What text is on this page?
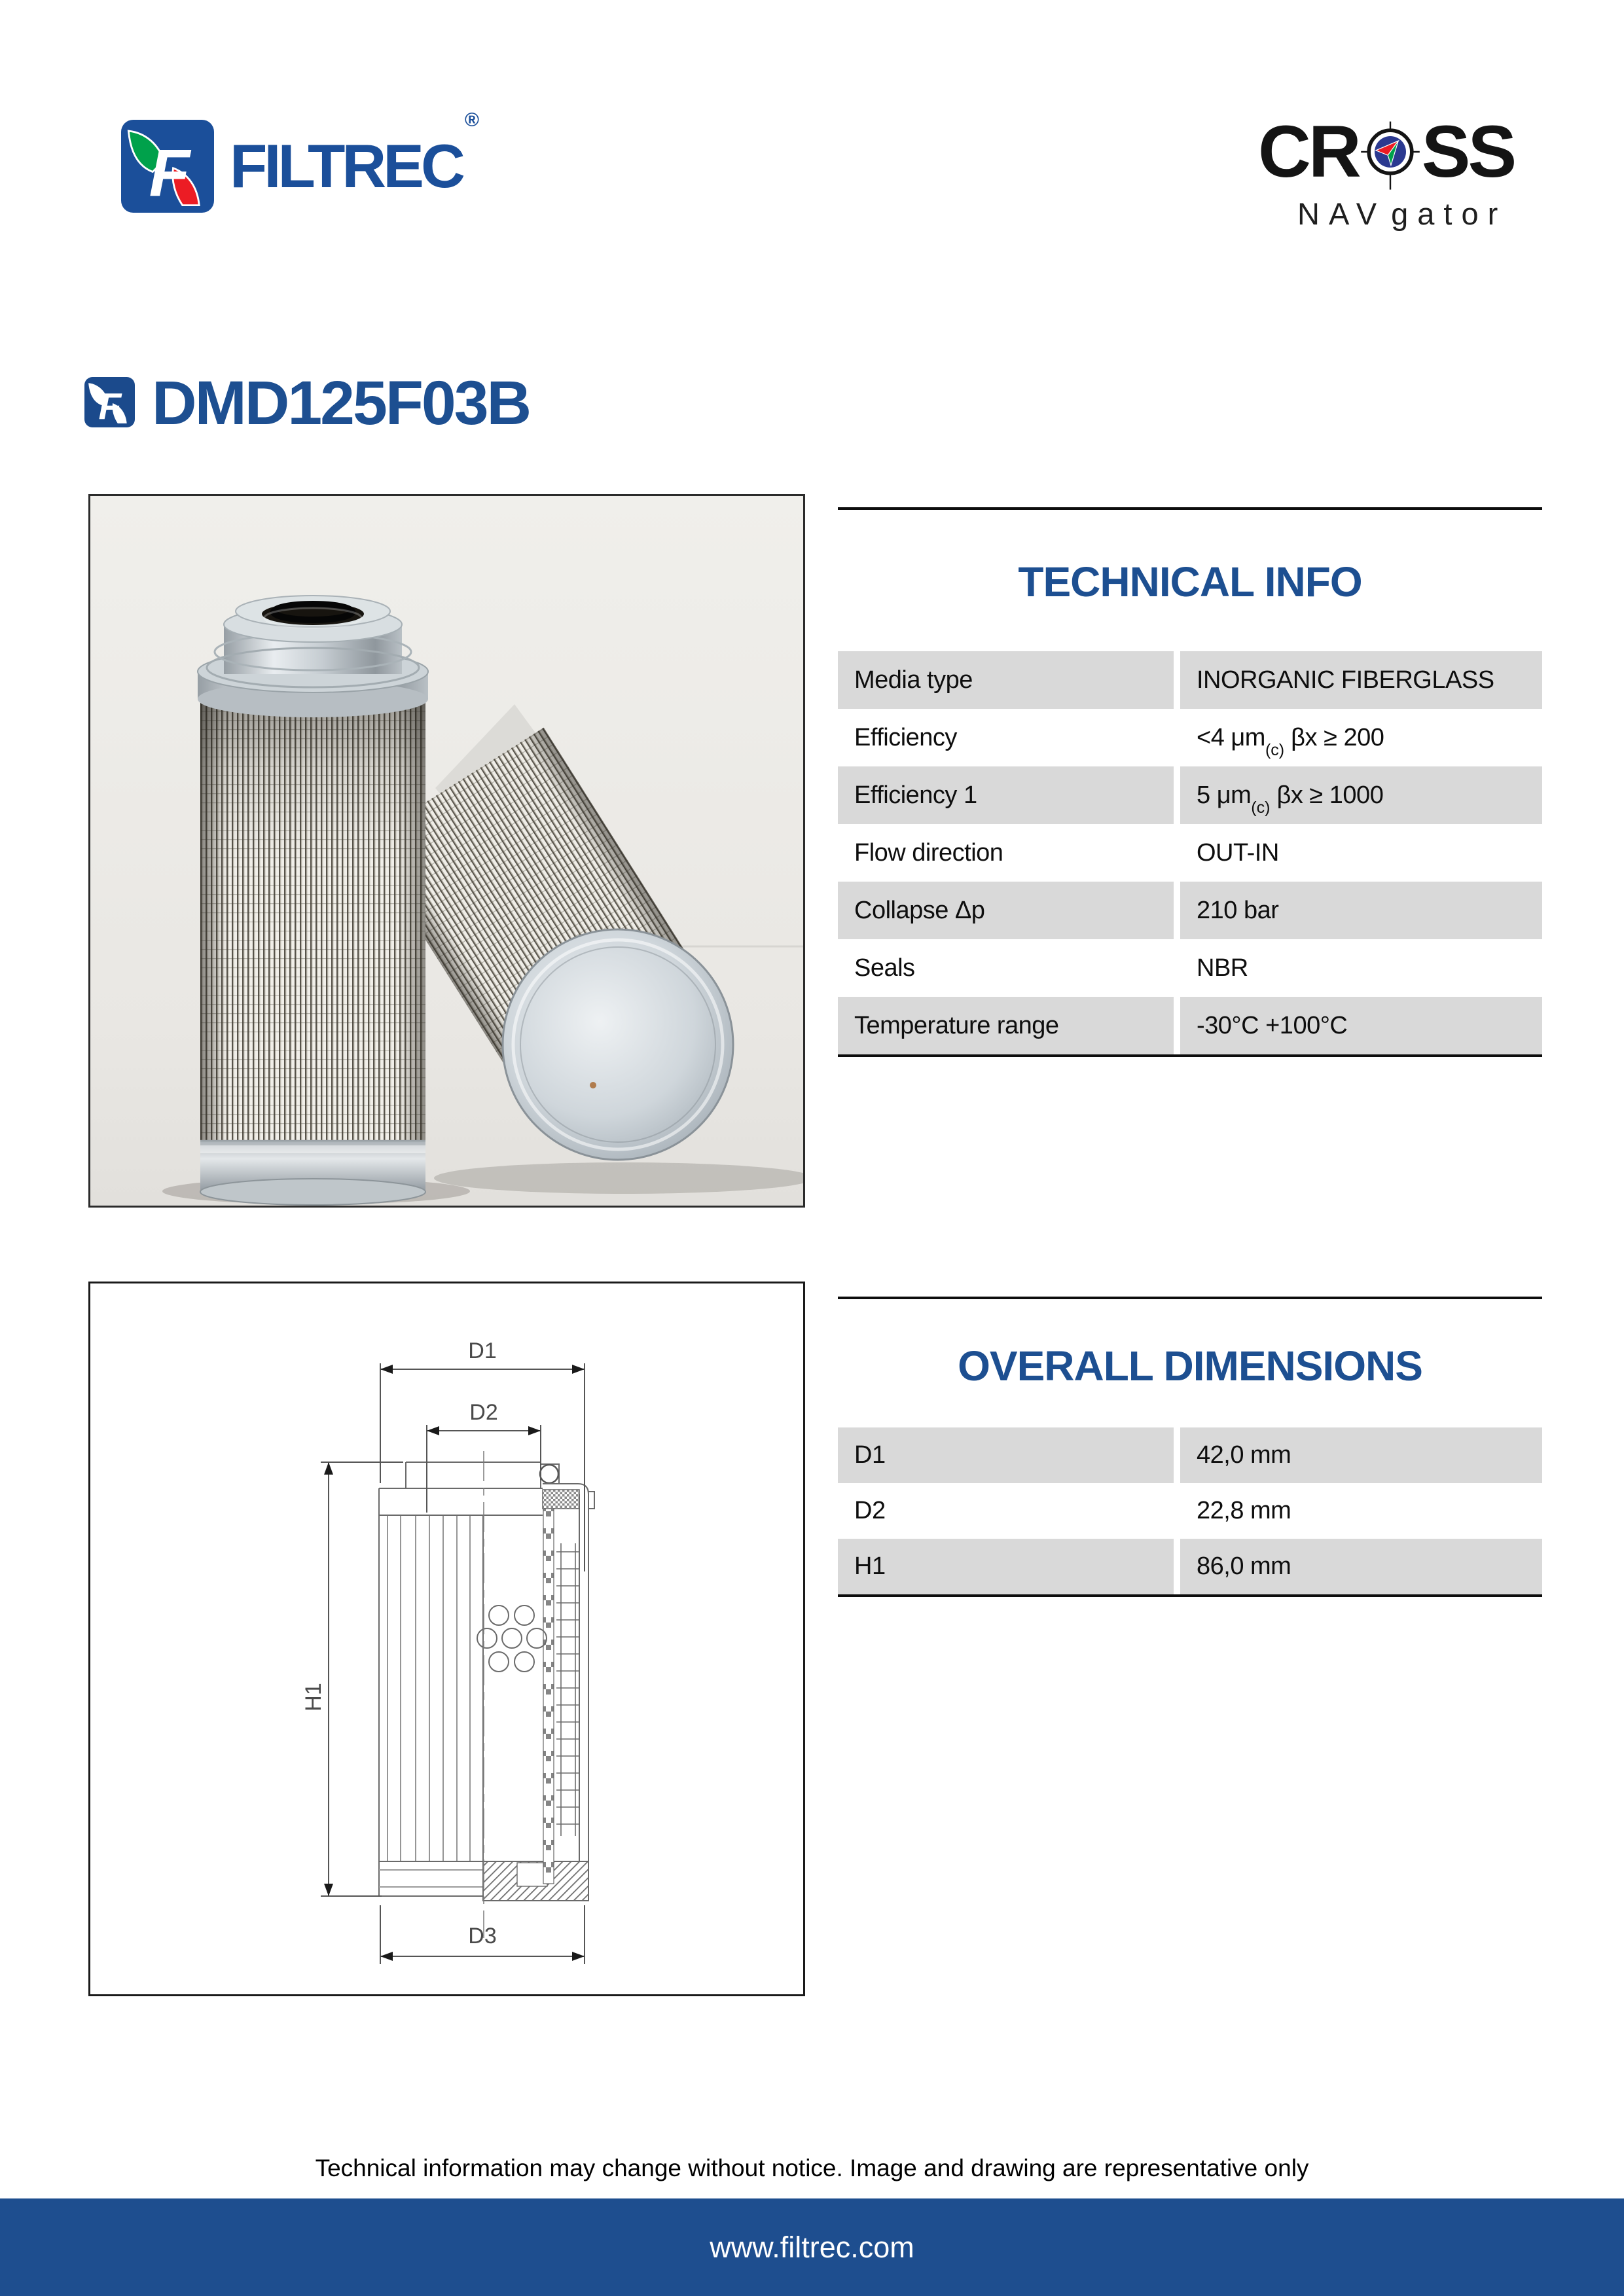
F FILTREC®	CR SS
NAV gator
F DMD125F03B
TECHNICAL INFO
Media type	INORGANIC FIBERGLASS
Efficiency	<4 μm (c) βx ≥ 200
Efficiency 1	5 μm (c) βx ≥ 1000
Flow direction	OUT-IN
Collapse Δp	210 bar
Seals	NBR
Temperature range	-30°C +100°C
D1
D2
D3
H1
OVERALL DIMENSIONS
D1	42,0 mm
D2	22,8 mm
H1	86,0 mm
Technical information may change without notice. Image and drawing are representative only
www.filtrec.com
